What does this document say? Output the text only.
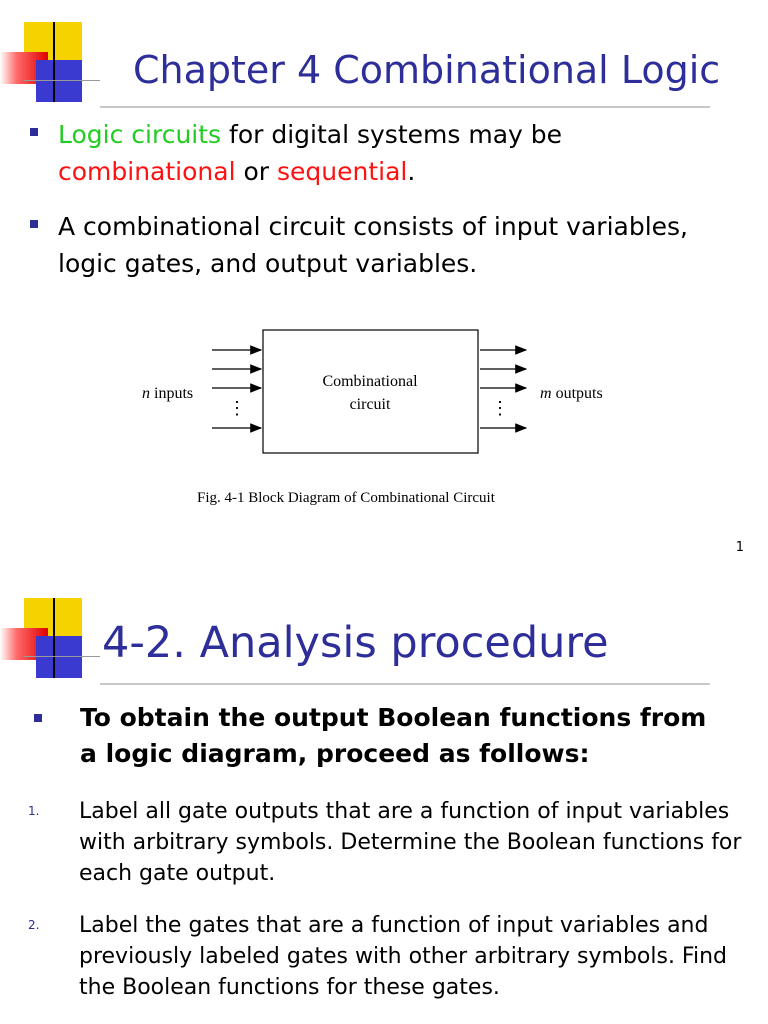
Chapter 4 Combinational Logic
Logic circuits for digital systems may be
combinational or sequential.
A combinational circuit consists of input variables, logic gates, and output variables.
⋮	⋮
n inputs
Combinational
circuit
m outputs
Fig. 4-1 Block Diagram of Combinational Circuit
1
4-2. Analysis procedure
To obtain the output Boolean functions from a logic diagram, proceed as follows:
1.	Label all gate outputs that are a function of input variables with arbitrary symbols. Determine the Boolean functions for each gate output.
2.	Label the gates that are a function of input variables and previously labeled gates with other arbitrary symbols. Find the Boolean functions for these gates.
